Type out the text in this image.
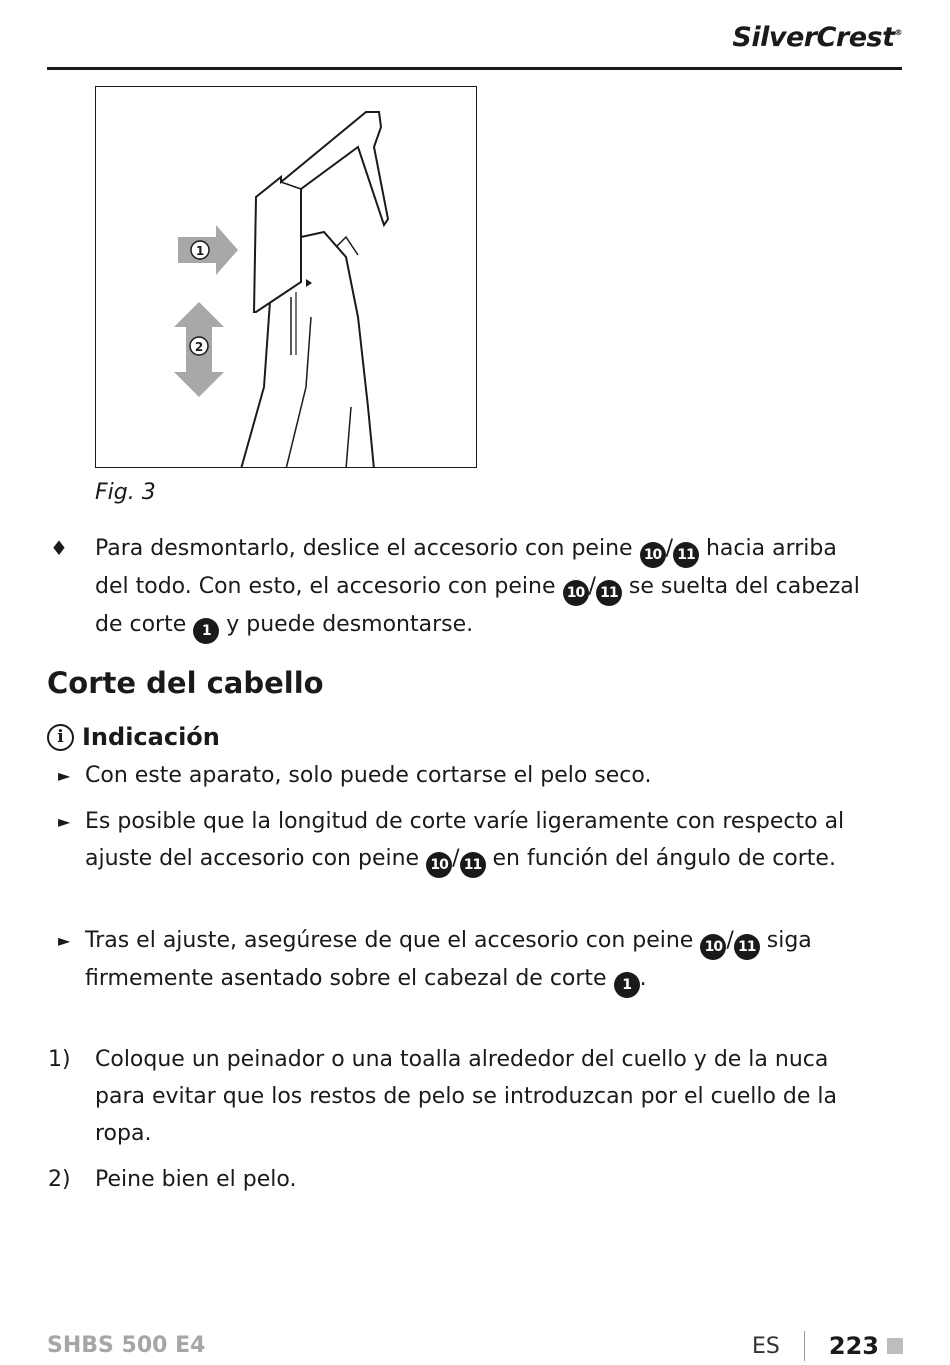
SilverCrest®
1
2
Fig. 3
♦ Para desmontarlo, deslice el accesorio con peine 10 / 11 hacia arriba del todo. Con esto, el accesorio con peine 10 / 11 se suelta del cabezal de corte 1 y puede desmontarse.
Corte del cabello
i Indicación
► Con este aparato, solo puede cortarse el pelo seco.
► Es posible que la longitud de corte varíe ligeramente con respecto al ajuste del accesorio con peine 10 / 11 en función del ángulo de corte.
► Tras el ajuste, asegúrese de que el accesorio con peine 10 / 11 siga firmemente asentado sobre el cabezal de corte 1 .
1) Coloque un peinador o una toalla alrededor del cuello y de la nuca para evitar que los restos de pelo se introduzcan por el cuello de la ropa.
2) Peine bien el pelo.
SHBS 500 E4	ES 223
